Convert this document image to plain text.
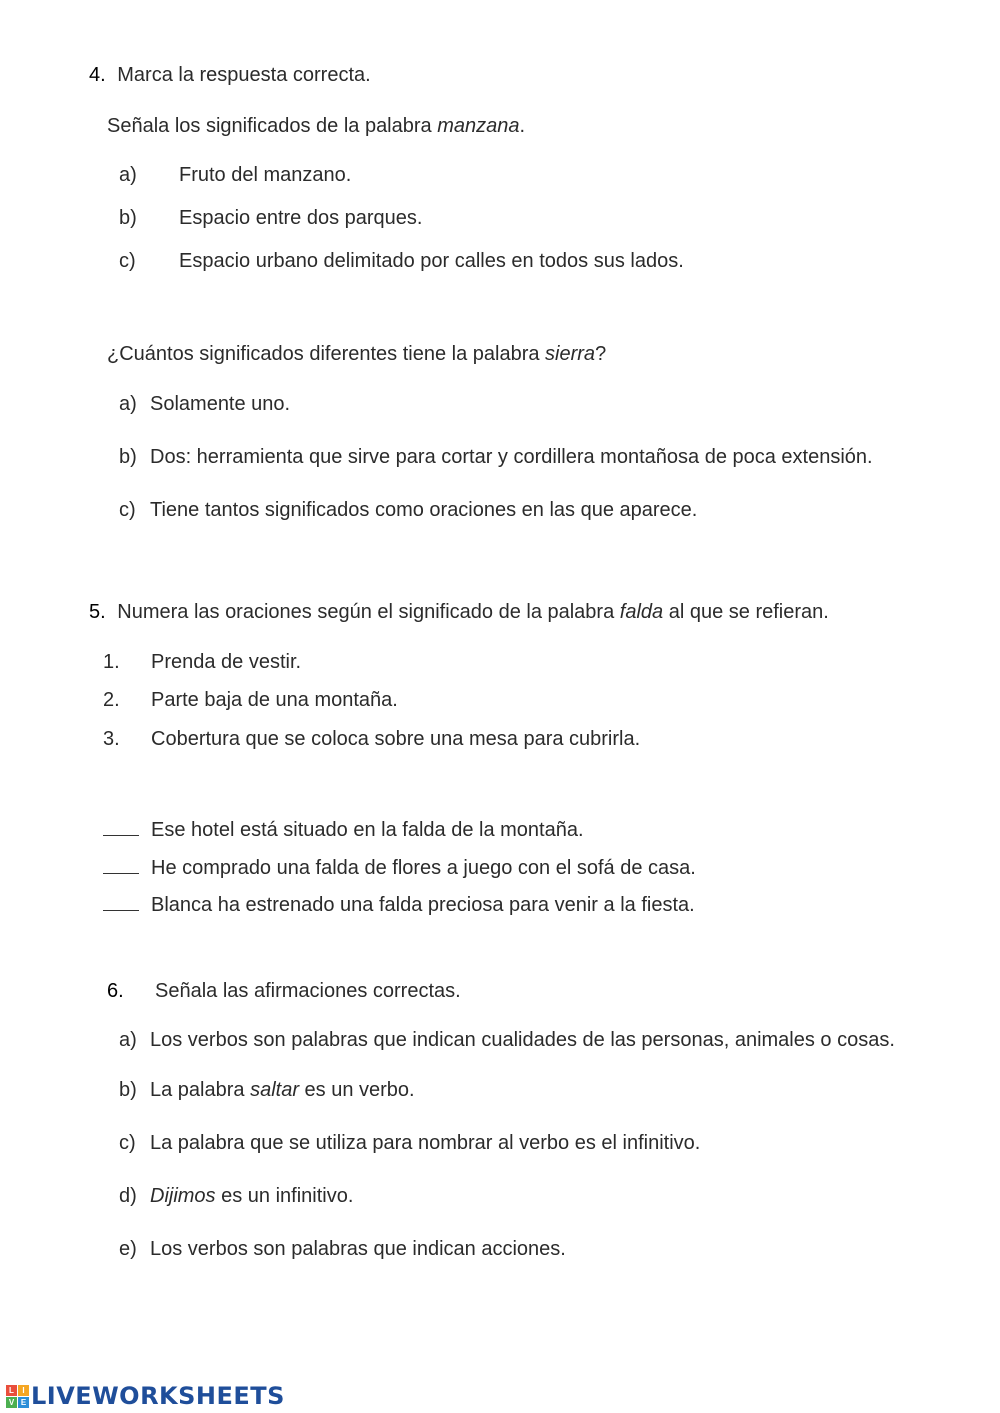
4. Marca la respuesta correcta.
Señala los significados de la palabra manzana.
a) Fruto del manzano.
b) Espacio entre dos parques.
c) Espacio urbano delimitado por calles en todos sus lados.
¿Cuántos significados diferentes tiene la palabra sierra?
a) Solamente uno.
b) Dos: herramienta que sirve para cortar y cordillera montañosa de poca extensión.
c) Tiene tantos significados como oraciones en las que aparece.
5. Numera las oraciones según el significado de la palabra falda al que se refieran.
1. Prenda de vestir.
2. Parte baja de una montaña.
3. Cobertura que se coloca sobre una mesa para cubrirla.
Ese hotel está situado en la falda de la montaña.
He comprado una falda de flores a juego con el sofá de casa.
Blanca ha estrenado una falda preciosa para venir a la fiesta.
6. Señala las afirmaciones correctas.
a) Los verbos son palabras que indican cualidades de las personas, animales o cosas.
b) La palabra saltar es un verbo.
c) La palabra que se utiliza para nombrar al verbo es el infinitivo.
d) Dijimos es un infinitivo.
e) Los verbos son palabras que indican acciones.
L	I
V E LIVEWORKSHEETS
